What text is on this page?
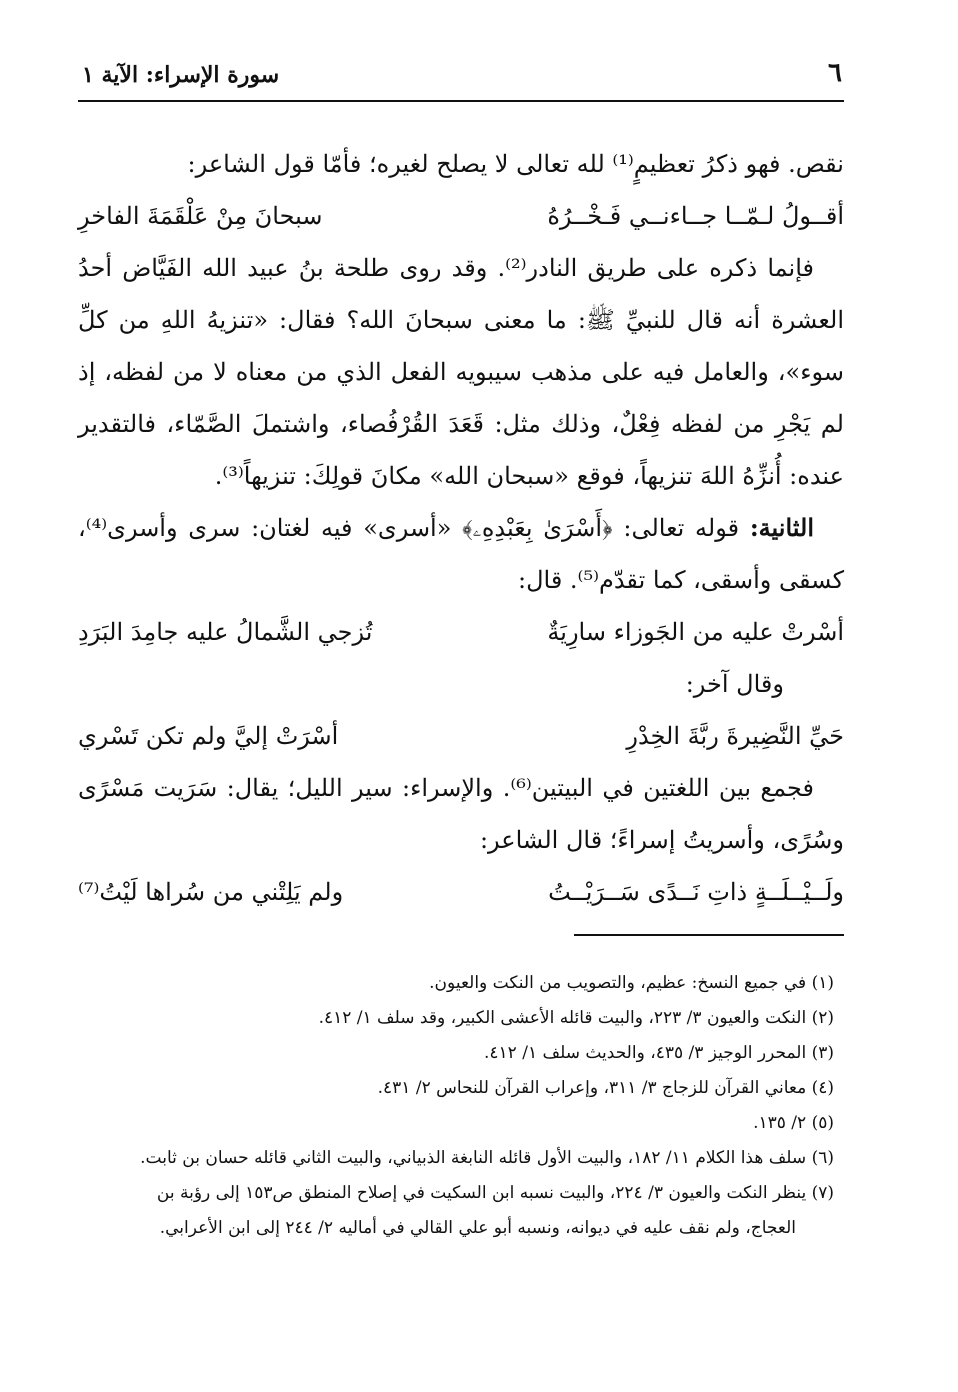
٦
سورة الإسراء: الآية ١

نقص. فهو ذكرُ تعظيمٍ⁽¹⁾ لله تعالى لا يصلح لغيره؛ فأمّا قول الشاعر:

أقــولُ لـمّــا جــاءنــي فَـخْــرُهُ
سبحانَ مِنْ عَلْقَمَةَ الفاخرِ

فإنما ذكره على طريق النادر⁽²⁾. وقد روى طلحة بنُ عبيد الله الفَيَّاض أحدُ العشرة أنه قال للنبيِّ ﷺ: ما معنى سبحانَ الله؟ فقال: «تنزيهُ اللهِ من كلِّ سوء»، والعامل فيه على مذهب سيبويه الفعل الذي من معناه لا من لفظه، إذ لم يَجْرِ من لفظه فِعْلٌ، وذلك مثل: قَعَدَ القُرْفُصاء، واشتملَ الصَّمّاء، فالتقدير عنده: أُنزِّهُ اللهَ تنزيهاً، فوقع «سبحان الله» مكانَ قولِكَ: تنزيهاً⁽³⁾.

الثانية: قوله تعالى: ﴿أَسْرَىٰ بِعَبْدِهِۦ﴾ «أسرى» فيه لغتان: سرى وأسرى⁽⁴⁾، كسقى وأسقى، كما تقدّم⁽⁵⁾. قال:

أسْرتْ عليه من الجَوزاء سارِيَةٌ
تُزجي الشَّمالُ عليه جامِدَ البَرَدِ

وقال آخر:

حَيِّ النَّضِيرةَ ربَّةَ الخِدْرِ
أسْرَتْ إليَّ ولم تكن تَسْري

فجمع بين اللغتين في البيتين⁽⁶⁾. والإسراء: سير الليل؛ يقال: سَرَيت مَسْرًى وسُرًى، وأسريتُ إسراءً؛ قال الشاعر:

ولَــيْــلَــةٍ ذاتِ نَــدًى سَــرَيْــتُ
ولم يَلِتْني من سُراها لَيْتُ⁽⁷⁾

(١) في جميع النسخ: عظيم، والتصويب من النكت والعيون.

(٢) النكت والعيون ٣/ ٢٢٣، والبيت قائله الأعشى الكبير، وقد سلف ١/ ٤١٢.

(٣) المحرر الوجيز ٣/ ٤٣٥، والحديث سلف ١/ ٤١٢.

(٤) معاني القرآن للزجاج ٣/ ٣١١، وإعراب القرآن للنحاس ٢/ ٤٣١.

(٥) ٢/ ١٣٥.

(٦) سلف هذا الكلام ١١/ ١٨٢، والبيت الأول قائله النابغة الذبياني، والبيت الثاني قائله حسان بن ثابت.

(٧) ينظر النكت والعيون ٣/ ٢٢٤، والبيت نسبه ابن السكيت في إصلاح المنطق ص١٥٣ إلى رؤبة بن

العجاج، ولم نقف عليه في ديوانه، ونسبه أبو علي القالي في أماليه ٢/ ٢٤٤ إلى ابن الأعرابي.
